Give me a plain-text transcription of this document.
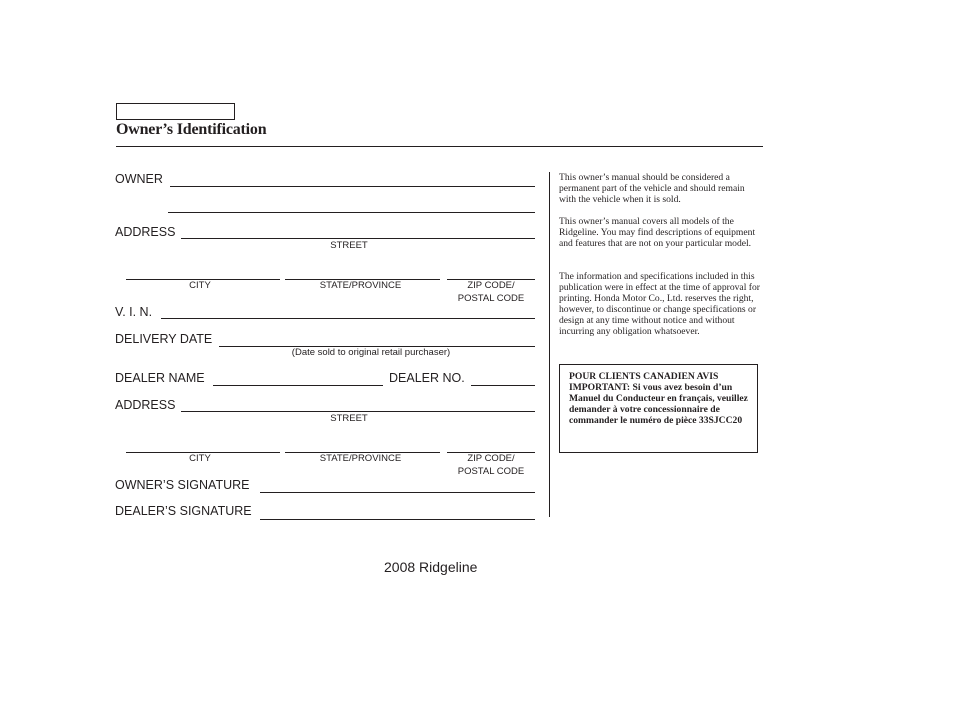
Owner’s Identification
OWNER
ADDRESS
STREET
CITY	STATE/PROVINCE	ZIP CODE/
POSTAL CODE
V. I. N.
DELIVERY DATE
(Date sold to original retail purchaser)
DEALER NAME	DEALER NO.
ADDRESS
STREET
CITY	STATE/PROVINCE	ZIP CODE/
POSTAL CODE
OWNER’S SIGNATURE
DEALER’S SIGNATURE
This owner’s manual should be considered a permanent part of the vehicle and should remain with the vehicle when it is sold.
This owner’s manual covers all models of the Ridgeline. You may find descriptions of equipment and features that are not on your particular model.
The information and specifications included in this publication were in effect at the time of approval for printing. Honda Motor Co., Ltd. reserves the right, however, to discontinue or change specifications or design at any time without notice and without incurring any obligation whatsoever.
POUR CLIENTS CANADIEN AVIS IMPORTANT: Si vous avez besoin d’un Manuel du Conducteur en français, veuillez demander à votre concessionnaire de commander le numéro de pièce 33SJCC20
2008 Ridgeline
